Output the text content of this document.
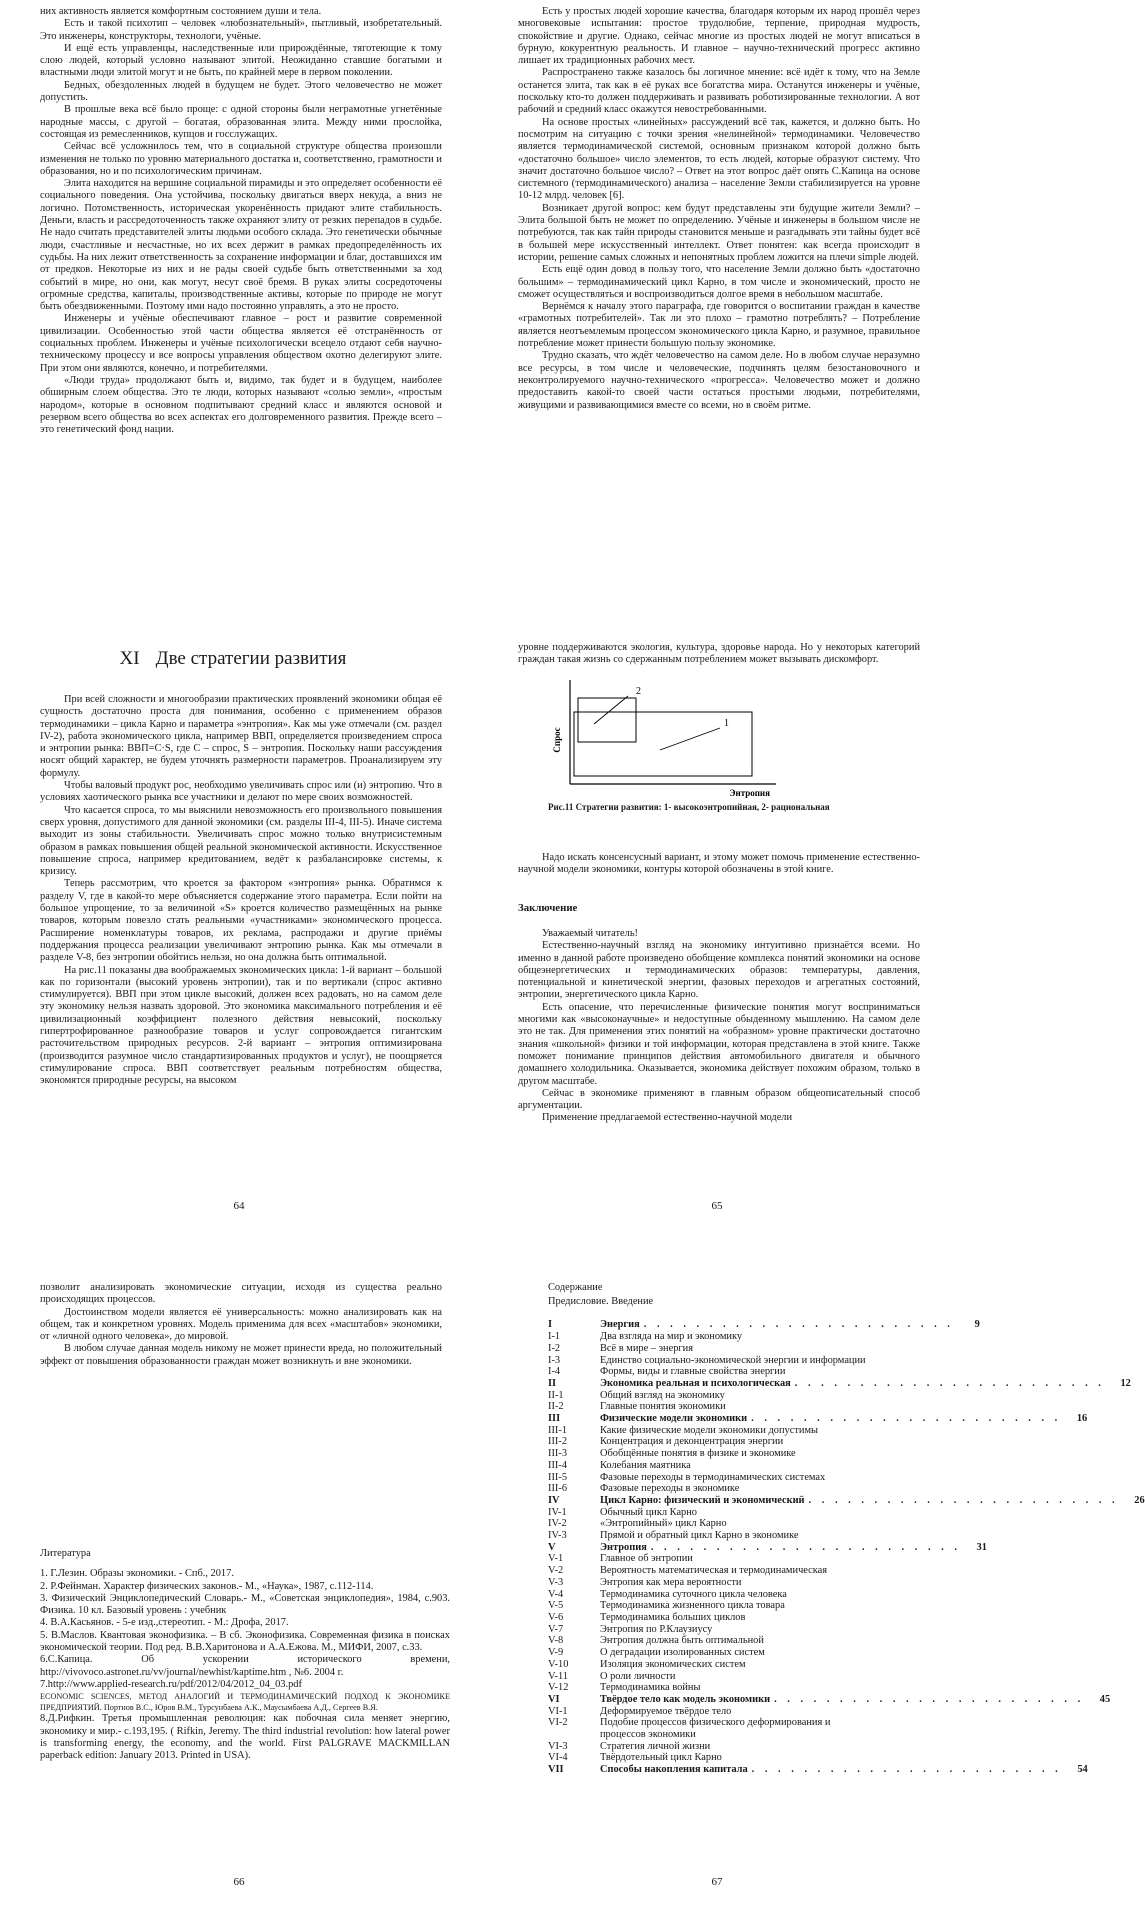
них активность является комфортным состоянием души и тела.

Есть и такой психотип – человек «любознательный», пытливый, изобретательный. Это инженеры, конструкторы, технологи, учёные.

И ещё есть управленцы, наследственные или прирождённые, тяготеющие к тому слою людей, который условно называют элитой. Неожиданно ставшие богатыми и властными люди элитой могут и не быть, по крайней мере в первом поколении.

Бедных, обездоленных людей в будущем не будет. Этого человечество не может допустить.

В прошлые века всё было проще: с одной стороны были неграмотные угнетённые народные массы, с другой – богатая, образованная элита. Между ними прослойка, состоящая из ремесленников, купцов и госслужащих.

Сейчас всё усложнилось тем, что в социальной структуре общества произошли изменения не только по уровню материального достатка и, соответственно, грамотности и образования, но и по психологическим причинам.

Элита находится на вершине социальной пирамиды и это определяет особенности её социального поведения. Она устойчива, поскольку двигаться вверх некуда, а вниз не логично. Потомственность, историческая укоренённость придают элите стабильность. Деньги, власть и рассредоточенность также охраняют элиту от резких перепадов в судьбе. Не надо считать представителей элиты людьми особого склада. Это генетически обычные люди, счастливые и несчастные, но их всех держит в рамках предопределённость их судьбы. На них лежит ответственность за сохранение информации и благ, доставшихся им от предков. Некоторые из них и не рады своей судьбе быть ответственными за ход событий в мире, но они, как могут, несут своё бремя. В руках элиты сосредоточены огромные средства, капиталы, производственные активы, которые по природе не могут быть обездвиженными. Поэтому ими надо постоянно управлять, а это не просто.

Инженеры и учёные обеспечивают главное – рост и развитие современной цивилизации. Особенностью этой части общества является её отстранённость от социальных проблем. Инженеры и учёные психологически всецело отдают себя научно-техническому процессу и все вопросы управления обществом охотно делегируют элите. При этом они являются, конечно, и потребителями.

«Люди труда» продолжают быть и, видимо, так будет и в будущем, наиболее обширным слоем общества. Это те люди, которых называют «солью земли», «простым народом», которые в основном подпитывают средний класс и являются основой и резервом всего общества во всех аспектах его долговременного развития. Прежде всего – это генетический фонд нации.

Есть у простых людей хорошие качества, благодаря которым их народ прошёл через многовековые испытания: простое трудолюбие, терпение, природная мудрость, спокойствие и другие. Однако, сейчас многие из простых людей не могут вписаться в бурную, кокурентную реальность. И главное – научно-технический прогресс активно лишает их традиционных рабочих мест.

Распространено также казалось бы логичное мнение: всё идёт к тому, что на Земле останется элита, так как в её руках все богатства мира. Останутся инженеры и учёные, поскольку кто-то должен поддерживать и развивать роботизированные технологии. А вот рабочий и средний класс окажутся невостребованными.

На основе простых «линейных» рассуждений всё так, кажется, и должно быть. Но посмотрим на ситуацию с точки зрения «нелинейной» термодинамики. Человечество является термодинамической системой, основным признаком которой должно быть «достаточно большое» число элементов, то есть людей, которые образуют систему. Что значит достаточно большое число? – Ответ на этот вопрос даёт опять С.Капица на основе системного (термодинамического) анализа – население Земли стабилизируется на уровне 10-12 млрд. человек [6].

Возникает другой вопрос: кем будут представлены эти будущие жители Земли? – Элита большой быть не может по определению. Учёные и инженеры в большом числе не потребуются, так как тайн природы становится меньше и разгадывать эти тайны будет всё в большей мере искусственный интеллект. Ответ понятен: как всегда происходит в истории, решение самых сложных и непонятных проблем ложится на плечи simple людей.

Есть ещё один довод в пользу того, что население Земли должно быть «достаточно большим» – термодинамический цикл Карно, в том числе и экономический, просто не сможет осуществляться и воспроизводиться долгое время в небольшом масштабе.

Вернёмся к началу этого параграфа, где говорится о воспитании граждан в качестве «грамотных потребителей». Так ли это плохо – грамотно потреблять? – Потребление является неотъемлемым процессом экономического цикла Карно, и разумное, правильное потребление может принести большую пользу экономике.

Трудно сказать, что ждёт человечество на самом деле. Но в любом случае неразумно все ресурсы, в том числе и человеческие, подчинять целям безостановочного и неконтролируемого научно-технического «прогресса». Человечество может и должно предоставить какой-то своей части остаться простыми людьми, потребителями, живущими и развивающимися вместе со всеми, но в своём ритме.

XI Две стратегии развития

При всей сложности и многообразии практических проявлений экономики общая её сущность достаточно проста для понимания, особенно с применением образов термодинамики – цикла Карно и параметра «энтропия». Как мы уже отмечали (см. раздел IV-2), работа экономического цикла, например ВВП, определяется произведением спроса и энтропии рынка: ВВП=C·S, где C – спрос, S – энтропия. Поскольку наши рассуждения носят общий характер, не будем уточнять размерности параметров. Проанализируем эту формулу.

Чтобы валовый продукт рос, необходимо увеличивать спрос или (и) энтропию. Что в условиях хаотического рынка все участники и делают по мере своих возможностей.

Что касается спроса, то мы выяснили невозможность его произвольного повышения сверх уровня, допустимого для данной экономики (см. разделы III-4, III-5). Иначе система выходит из зоны стабильности. Увеличивать спрос можно только внутрисистемным образом в рамках повышения общей реальной экономической активности. Искусственное повышение спроса, например кредитованием, ведёт к разбалансировке системы, к кризису.

Теперь рассмотрим, что кроется за фактором «энтропия» рынка. Обратимся к разделу V, где в какой-то мере объясняется содержание этого параметра. Если пойти на большое упрощение, то за величиной «S» кроется количество размещённых на рынке товаров, которым повезло стать реальными «участниками» экономического процесса. Расширение номенклатуры товаров, их реклама, распродажи и другие приёмы поддержания процесса реализации увеличивают энтропию рынка. Как мы отмечали в разделе V-8, без энтропии обойтись нельзя, но она должна быть оптимальной.

На рис.11 показаны два воображаемых экономических цикла: 1-й вариант – большой как по горизонтали (высокий уровень энтропии), так и по вертикали (спрос активно стимулируется). ВВП при этом цикле высокий, должен всех радовать, но на самом деле эту экономику нельзя назвать здоровой. Это экономика максимального потребления и её цивилизационный коэффициент полезного действия невысокий, поскольку гипертрофированное разнообразие товаров и услуг сопровождается гигантским расточительством природных ресурсов. 2-й вариант – энтропия оптимизирована (производится разумное число стандартизированных продуктов и услуг), не поощряется стимулирование спроса. ВВП соответствует реальным потребностям общества, экономятся природные ресурсы, на высоком

64

уровне поддерживаются экология, культура, здоровье народа. Но у некоторых категорий граждан такая жизнь со сдержанным потреблением может вызывать дискомфорт.

2
1
Спрос
Энтропия
Рис.11 Стратегии развития: 1- высокоэнтропийная, 2- рациональная

Надо искать консенсусный вариант, и этому может помочь применение естественно-научной модели экономики, контуры которой обозначены в этой книге.

Заключение

Уважаемый читатель!

Естественно-научный взгляд на экономику интуитивно признаётся всеми. Но именно в данной работе произведено обобщение комплекса понятий экономики на основе общеэнергетических и термодинамических образов: температуры, давления, потенциальной и кинетической энергии, фазовых переходов и агрегатных состояний, энтропии, энергетического цикла Карно.

Есть опасение, что перечисленные физические понятия могут восприниматься многими как «высоконаучные» и недоступные обыденному мышлению. На самом деле это не так. Для применения этих понятий на «образном» уровне практически достаточно знания «школьной» физики и той информации, которая представлена в этой книге. Также поможет понимание принципов действия автомобильного двигателя и обычного домашнего холодильника. Оказывается, экономика действует похожим образом, только в другом масштабе.

Сейчас в экономике применяют в главным образом общеописательный способ аргументации.

Применение предлагаемой естественно-научной модели

65

позволит анализировать экономические ситуации, исходя из существа реально происходящих процессов.

Достоинством модели является её универсальность: можно анализировать как на общем, так и конкретном уровнях. Модель применима для всех «масштабов» экономики, от «личной одного человека», до мировой.

В любом случае данная модель никому не может принести вреда, но положительный эффект от повышения образованности граждан может возникнуть и вне экономики.

Литература

1. Г.Лезин. Образы экономики. - Спб., 2017.

2. Р.Фейнман. Характер физических законов.- М., «Наука», 1987, с.112-114.

3. Физический Энциклопедический Словарь.- М., «Советская энциклопедия», 1984, с.903. Физика. 10 кл. Базовый уровень : учебник

4. В.А.Касьянов. - 5-е изд.,стереотип. - М.: Дрофа, 2017.

5. В.Маслов. Квантовая эконофизика. – В сб. Эконофизика. Современная физика в поисках экономической теории. Под ред. В.В.Харитонова и А.А.Ежова. М., МИФИ, 2007, с.33.

6.С.Капица. Об ускорении исторического времени, http://vivovoco.astronet.ru/vv/journal/newhist/kaptime.htm , №6. 2004 г.

7.http://www.applied-research.ru/pdf/2012/04/2012_04_03.pdf

ECONOMIC SCIENCES, МЕТОД АНАЛОГИЙ И ТЕРМОДИНАМИЧЕСКИЙ ПОДХОД К ЭКОНОМИКЕ ПРЕДПРИЯТИЙ. Портнов В.С., Юров В.М., Турсунбаева А.К., Маусымбаева А.Д., Сергеев В.Я.

8.Д.Рифкин. Третья промышленная революция: как побочная сила меняет энергию, экономику и мир.- с.193,195. ( Rifkin, Jeremy. The third industrial revolution: how lateral power is transforming energy, the economy, and the world. First PALGRAVE MACKMILLAN paperback edition: January 2013. Printed in USA).

66
Содержание
Предисловие. Введение
I	Энергия . . . . . . . . . . . . . . . . . . . . . . . .	9
I-1	Два взгляда на мир и экономику
I-2	Всё в мире – энергия
I-3	Единство социально-экономической энергии и информации
I-4	Формы, виды и главные свойства энергии
II	Экономика реальная и психологическая . . . . . . . . . . . . . . . . . . . . . . . .	12
II-1	Общий взгляд на экономику
II-2	Главные понятия экономики
III	Физические модели экономики . . . . . . . . . . . . . . . . . . . . . . . .	16
III-1	Какие физические модели экономики допустимы
III-2	Концентрация и деконцентрация энергии
III-3	Обобщённые понятия в физике и экономике
III-4	Колебания маятника
III-5	Фазовые переходы в термодинамических системах
III-6	Фазовые переходы в экономике
IV	Цикл Карно: физический и экономический . . . . . . . . . . . . . . . . . . . . . . . .	26
IV-1	Обычный цикл Карно
IV-2	«Энтропийный» цикл Карно
IV-3	Прямой и обратный цикл Карно в экономике
V	Энтропия . . . . . . . . . . . . . . . . . . . . . . . .	31
V-1	Главное об энтропии
V-2	Вероятность математическая и термодинамическая
V-3	Энтропия как мера вероятности
V-4	Термодинамика суточного цикла человека
V-5	Термодинамика жизненного цикла товара
V-6	Термодинамика больших циклов
V-7	Энтропия по Р.Клаузиусу
V-8	Энтропия должна быть оптимальной
V-9	О деградации изолированных систем
V-10	Изоляция экономических систем
V-11	О роли личности
V-12	Термодинамика войны
VI	Твёрдое тело как модель экономики . . . . . . . . . . . . . . . . . . . . . . . .	45
VI-1	Деформируемое твёрдое тело
VI-2	Подобие процессов физического деформирования и
процессов экономики
VI-3	Стратегия личной жизни
VI-4	Твёрдотельный цикл Карно
VII	Способы накопления капитала . . . . . . . . . . . . . . . . . . . . . . . .	54
67
